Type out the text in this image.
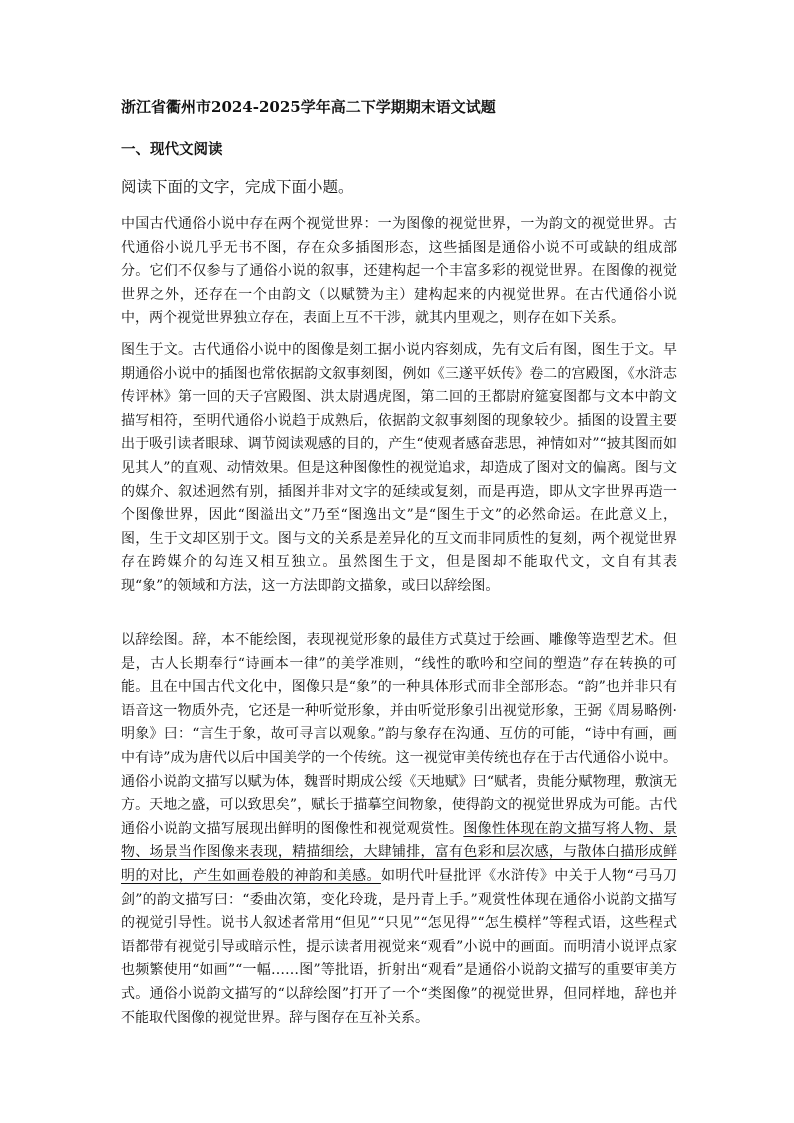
浙江省衢州市2024-2025学年高二下学期期末语文试题
一、现代文阅读

阅读下面的文字，完成下面小题。

中国古代通俗小说中存在两个视觉世界：一为图像的视觉世界，一为韵文的视觉世界。古代通俗小说几乎无书不图，存在众多插图形态，这些插图是通俗小说不可或缺的组成部分。它们不仅参与了通俗小说的叙事，还建构起一个丰富多彩的视觉世界。在图像的视觉世界之外，还存在一个由韵文（以赋赞为主）建构起来的内视觉世界。在古代通俗小说中，两个视觉世界独立存在，表面上互不干涉，就其内里观之，则存在如下关系。

图生于文。古代通俗小说中的图像是刻工据小说内容刻成，先有文后有图，图生于文。早期通俗小说中的插图也常依据韵文叙事刻图，例如《三遂平妖传》卷二的宫殿图，《水浒志传评林》第一回的天子宫殿图、洪太尉遇虎图，第二回的王都尉府筵宴图都与文本中韵文描写相符，至明代通俗小说趋于成熟后，依据韵文叙事刻图的现象较少。插图的设置主要出于吸引读者眼球、调节阅读观感的目的，产生“使观者感奋悲思，神情如对”“披其图而如见其人”的直观、动情效果。但是这种图像性的视觉追求，却造成了图对文的偏离。图与文的媒介、叙述迥然有别，插图并非对文字的延续或复刻，而是再造，即从文字世界再造一个图像世界，因此“图溢出文”乃至“图逸出文”是“图生于文”的必然命运。在此意义上，图，生于文却区别于文。图与文的关系是差异化的互文而非同质性的复刻，两个视觉世界存在跨媒介的勾连又相互独立。虽然图生于文，但是图却不能取代文，文自有其表现“象”的领域和方法，这一方法即韵文描象，或曰以辞绘图。

以辞绘图。辞，本不能绘图，表现视觉形象的最佳方式莫过于绘画、雕像等造型艺术。但是，古人长期奉行“诗画本一律”的美学准则，“线性的歌吟和空间的塑造”存在转换的可能。且在中国古代文化中，图像只是“象”的一种具体形式而非全部形态。“韵”也并非只有语音这一物质外壳，它还是一种听觉形象，并由听觉形象引出视觉形象，王弼《周易略例·明象》曰：“言生于象，故可寻言以观象。”韵与象存在沟通、互仿的可能，“诗中有画，画中有诗”成为唐代以后中国美学的一个传统。这一视觉审美传统也存在于古代通俗小说中。通俗小说韵文描写以赋为体，魏晋时期成公绥《天地赋》曰“赋者，贵能分赋物理，敷演无方。天地之盛，可以致思矣”，赋长于描摹空间物象，使得韵文的视觉世界成为可能。古代通俗小说韵文描写展现出鲜明的图像性和视觉观赏性。图像性体现在韵文描写将人物、景物、场景当作图像来表现，精描细绘，大肆铺排，富有色彩和层次感，与散体白描形成鲜明的对比，产生如画卷般的神韵和美感。如明代叶昼批评《水浒传》中关于人物“弓马刀剑”的韵文描写曰：“委曲次第，变化玲珑，是丹青上手。”观赏性体现在通俗小说韵文描写的视觉引导性。说书人叙述者常用“但见”“只见”“怎见得”“怎生模样”等程式语，这些程式语都带有视觉引导或暗示性，提示读者用视觉来“观看”小说中的画面。而明清小说评点家也频繁使用“如画”“一幅……图”等批语，折射出“观看”是通俗小说韵文描写的重要审美方式。通俗小说韵文描写的“以辞绘图”打开了一个“类图像”的视觉世界，但同样地，辞也并不能取代图像的视觉世界。辞与图存在互补关系。
